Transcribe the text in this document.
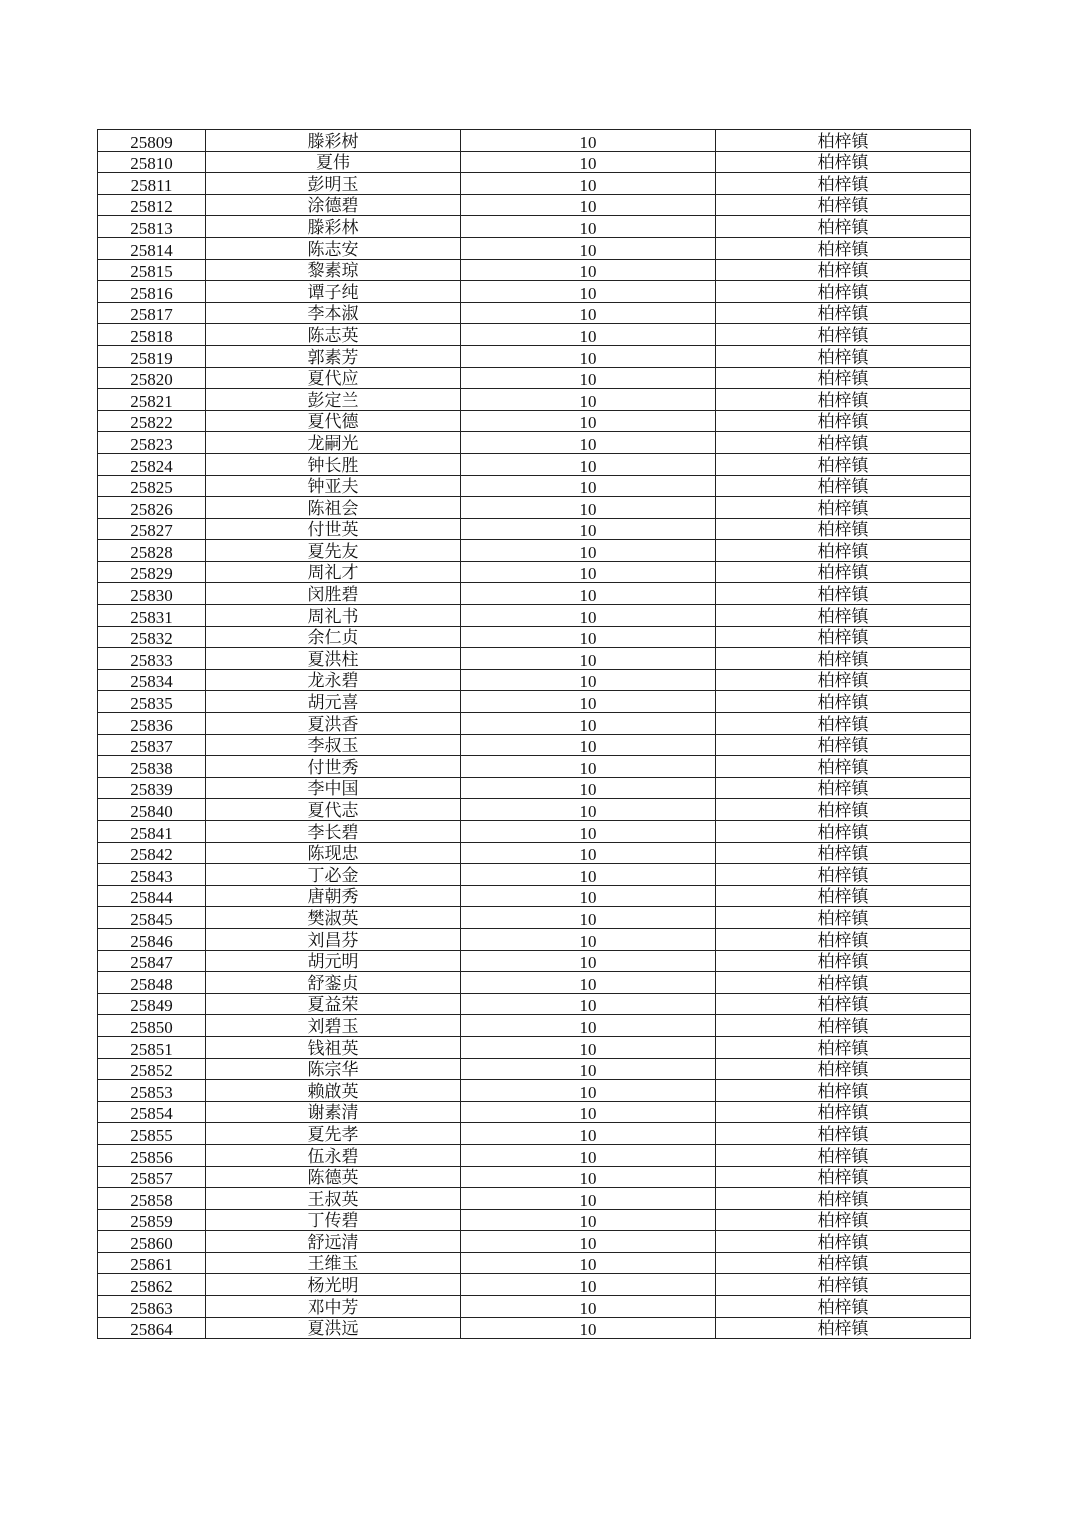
25809	滕彩树	10	柏梓镇
25810	夏伟	10	柏梓镇
25811	彭明玉	10	柏梓镇
25812	涂德碧	10	柏梓镇
25813	滕彩林	10	柏梓镇
25814	陈志安	10	柏梓镇
25815	黎素琼	10	柏梓镇
25816	谭子纯	10	柏梓镇
25817	李本淑	10	柏梓镇
25818	陈志英	10	柏梓镇
25819	郭素芳	10	柏梓镇
25820	夏代应	10	柏梓镇
25821	彭定兰	10	柏梓镇
25822	夏代德	10	柏梓镇
25823	龙嗣光	10	柏梓镇
25824	钟长胜	10	柏梓镇
25825	钟亚夫	10	柏梓镇
25826	陈祖会	10	柏梓镇
25827	付世英	10	柏梓镇
25828	夏先友	10	柏梓镇
25829	周礼才	10	柏梓镇
25830	闵胜碧	10	柏梓镇
25831	周礼书	10	柏梓镇
25832	余仁贞	10	柏梓镇
25833	夏洪柱	10	柏梓镇
25834	龙永碧	10	柏梓镇
25835	胡元喜	10	柏梓镇
25836	夏洪香	10	柏梓镇
25837	李叔玉	10	柏梓镇
25838	付世秀	10	柏梓镇
25839	李中国	10	柏梓镇
25840	夏代志	10	柏梓镇
25841	李长碧	10	柏梓镇
25842	陈现忠	10	柏梓镇
25843	丁必金	10	柏梓镇
25844	唐朝秀	10	柏梓镇
25845	樊淑英	10	柏梓镇
25846	刘昌芬	10	柏梓镇
25847	胡元明	10	柏梓镇
25848	舒銮贞	10	柏梓镇
25849	夏益荣	10	柏梓镇
25850	刘碧玉	10	柏梓镇
25851	钱祖英	10	柏梓镇
25852	陈宗华	10	柏梓镇
25853	赖啟英	10	柏梓镇
25854	谢素清	10	柏梓镇
25855	夏先孝	10	柏梓镇
25856	伍永碧	10	柏梓镇
25857	陈德英	10	柏梓镇
25858	王叔英	10	柏梓镇
25859	丁传碧	10	柏梓镇
25860	舒远清	10	柏梓镇
25861	王维玉	10	柏梓镇
25862	杨光明	10	柏梓镇
25863	邓中芳	10	柏梓镇
25864	夏洪远	10	柏梓镇
